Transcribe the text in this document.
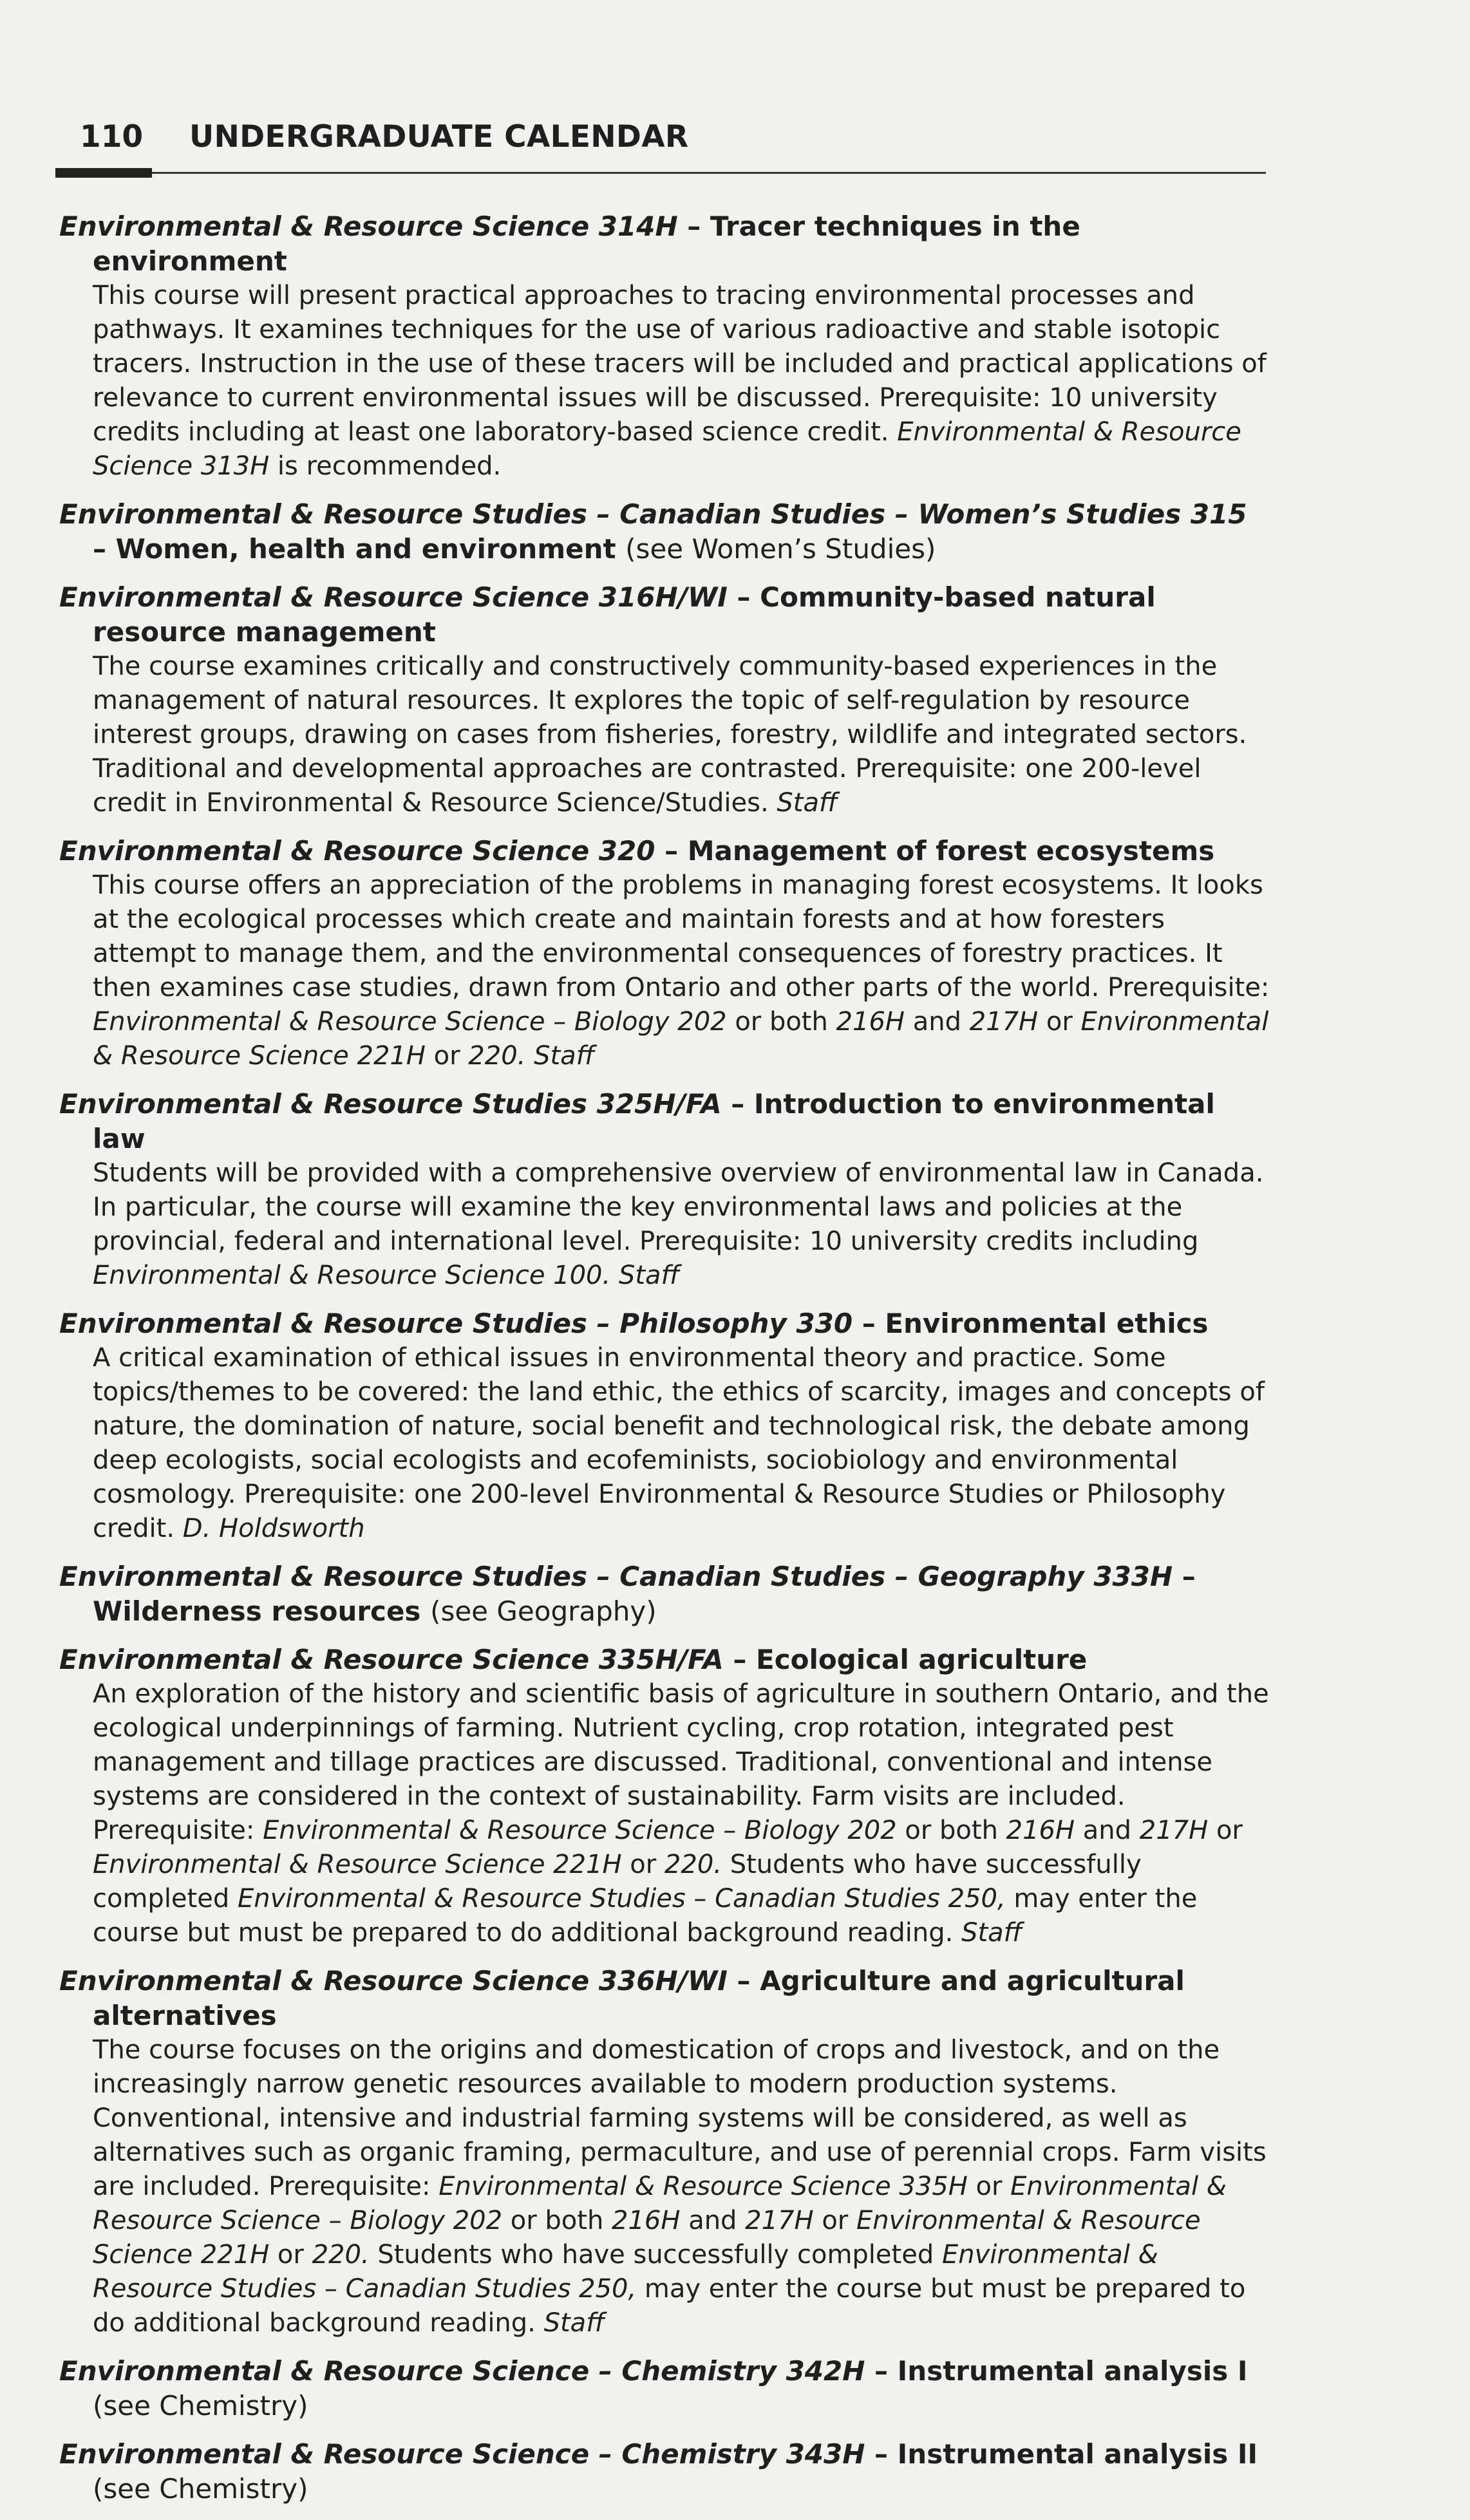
110 UNDERGRADUATE CALENDAR
Environmental & Resource Science 314H – Tracer techniques in the environment
This course will present practical approaches to tracing environmental processes and pathways. It examines techniques for the use of various radioactive and stable isotopic tracers. Instruction in the use of these tracers will be included and practical applications of relevance to current environmental issues will be discussed. Prerequisite: 10 university credits including at least one laboratory-based science credit. Environmental & Resource Science 313H is recommended.
Environmental & Resource Studies – Canadian Studies – Women’s Studies 315 – Women, health and environment (see Women’s Studies)
Environmental & Resource Science 316H/WI – Community-based natural resource management
The course examines critically and constructively community-based experiences in the management of natural resources. It explores the topic of self-regulation by resource interest groups, drawing on cases from fisheries, forestry, wildlife and integrated sectors. Traditional and developmental approaches are contrasted. Prerequisite: one 200-level credit in Environmental & Resource Science/Studies. Staff
Environmental & Resource Science 320 – Management of forest ecosystems
This course offers an appreciation of the problems in managing forest ecosystems. It looks at the ecological processes which create and maintain forests and at how foresters attempt to manage them, and the environmental consequences of forestry practices. It then examines case studies, drawn from Ontario and other parts of the world. Prerequisite: Environmental & Resource Science – Biology 202 or both 216H and 217H or Environmental & Resource Science 221H or 220. Staff
Environmental & Resource Studies 325H/FA – Introduction to environmental law
Students will be provided with a comprehensive overview of environmental law in Canada. In particular, the course will examine the key environmental laws and policies at the provincial, federal and international level. Prerequisite: 10 university credits including Environmental & Resource Science 100. Staff
Environmental & Resource Studies – Philosophy 330 – Environmental ethics
A critical examination of ethical issues in environmental theory and practice. Some topics/themes to be covered: the land ethic, the ethics of scarcity, images and concepts of nature, the domination of nature, social benefit and technological risk, the debate among deep ecologists, social ecologists and ecofeminists, sociobiology and environmental cosmology. Prerequisite: one 200-level Environmental & Resource Studies or Philosophy credit. D. Holdsworth
Environmental & Resource Studies – Canadian Studies – Geography 333H – Wilderness resources (see Geography)
Environmental & Resource Science 335H/FA – Ecological agriculture
An exploration of the history and scientific basis of agriculture in southern Ontario, and the ecological underpinnings of farming. Nutrient cycling, crop rotation, integrated pest management and tillage practices are discussed. Traditional, conventional and intense systems are considered in the context of sustainability. Farm visits are included. Prerequisite: Environmental & Resource Science – Biology 202 or both 216H and 217H or Environmental & Resource Science 221H or 220. Students who have successfully completed Environmental & Resource Studies – Canadian Studies 250, may enter the course but must be prepared to do additional background reading. Staff
Environmental & Resource Science 336H/WI – Agriculture and agricultural alternatives
The course focuses on the origins and domestication of crops and livestock, and on the increasingly narrow genetic resources available to modern production systems. Conventional, intensive and industrial farming systems will be considered, as well as alternatives such as organic framing, permaculture, and use of perennial crops. Farm visits are included. Prerequisite: Environmental & Resource Science 335H or Environmental & Resource Science – Biology 202 or both 216H and 217H or Environmental & Resource Science 221H or 220. Students who have successfully completed Environmental & Resource Studies – Canadian Studies 250, may enter the course but must be prepared to do additional background reading. Staff
Environmental & Resource Science – Chemistry 342H – Instrumental analysis I (see Chemistry)
Environmental & Resource Science – Chemistry 343H – Instrumental analysis II (see Chemistry)
